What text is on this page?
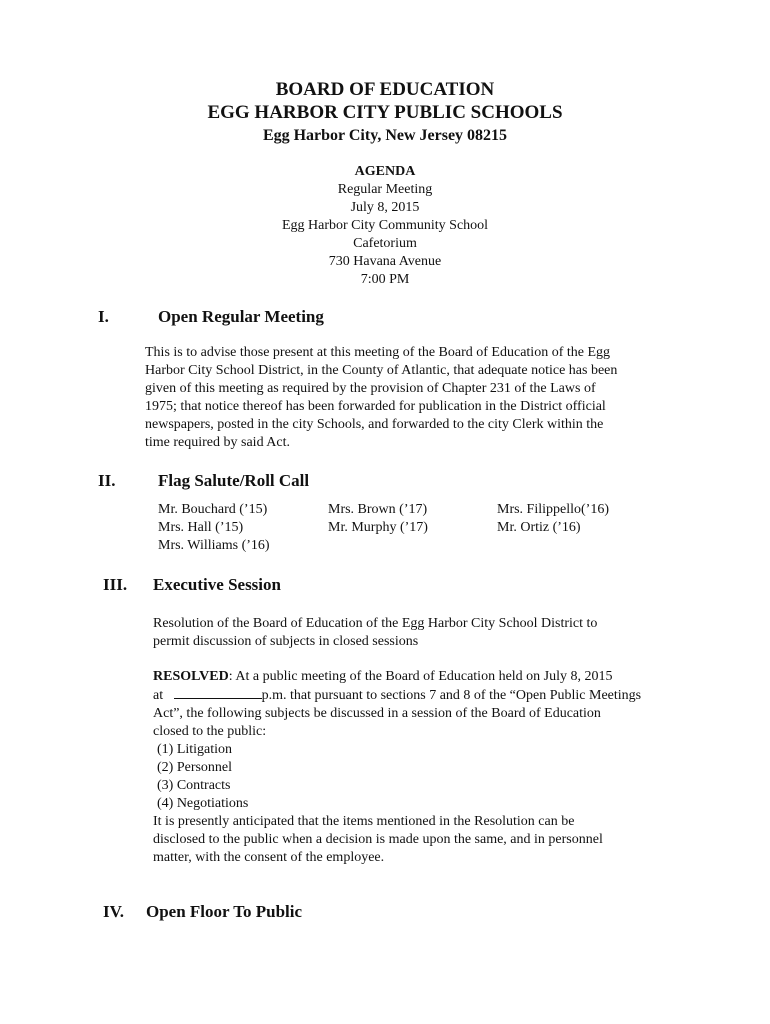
BOARD OF EDUCATION
EGG HARBOR CITY PUBLIC SCHOOLS
Egg Harbor City, New Jersey 08215
AGENDA
Regular Meeting
July 8, 2015
Egg Harbor City Community School
Cafetorium
730 Havana Avenue
7:00 PM
I.	Open Regular Meeting
This is to advise those present at this meeting of the Board of Education of the Egg
Harbor City School District, in the County of Atlantic, that adequate notice has been
given of this meeting as required by the provision of Chapter 231 of the Laws of
1975; that notice thereof has been forwarded for publication in the District official
newspapers, posted in the city Schools, and forwarded to the city Clerk within the
time required by said Act.
II.	Flag Salute/Roll Call
Mr. Bouchard (’15)	Mrs. Brown (’17)	Mrs. Filippello(’16)
Mrs. Hall (’15)	Mr. Murphy (’17)	Mr. Ortiz (’16)
Mrs. Williams (’16)
III. Executive Session
Resolution of the Board of Education of the Egg Harbor City School District to
permit discussion of subjects in closed sessions
RESOLVED: At a public meeting of the Board of Education held on July 8, 2015
at	p.m. that pursuant to sections 7 and 8 of the “Open Public Meetings
Act”, the following subjects be discussed in a session of the Board of Education
closed to the public:
(1) Litigation
(2) Personnel
(3) Contracts
(4) Negotiations
It is presently anticipated that the items mentioned in the Resolution can be
disclosed to the public when a decision is made upon the same, and in personnel
matter, with the consent of the employee.
IV. Open Floor To Public
